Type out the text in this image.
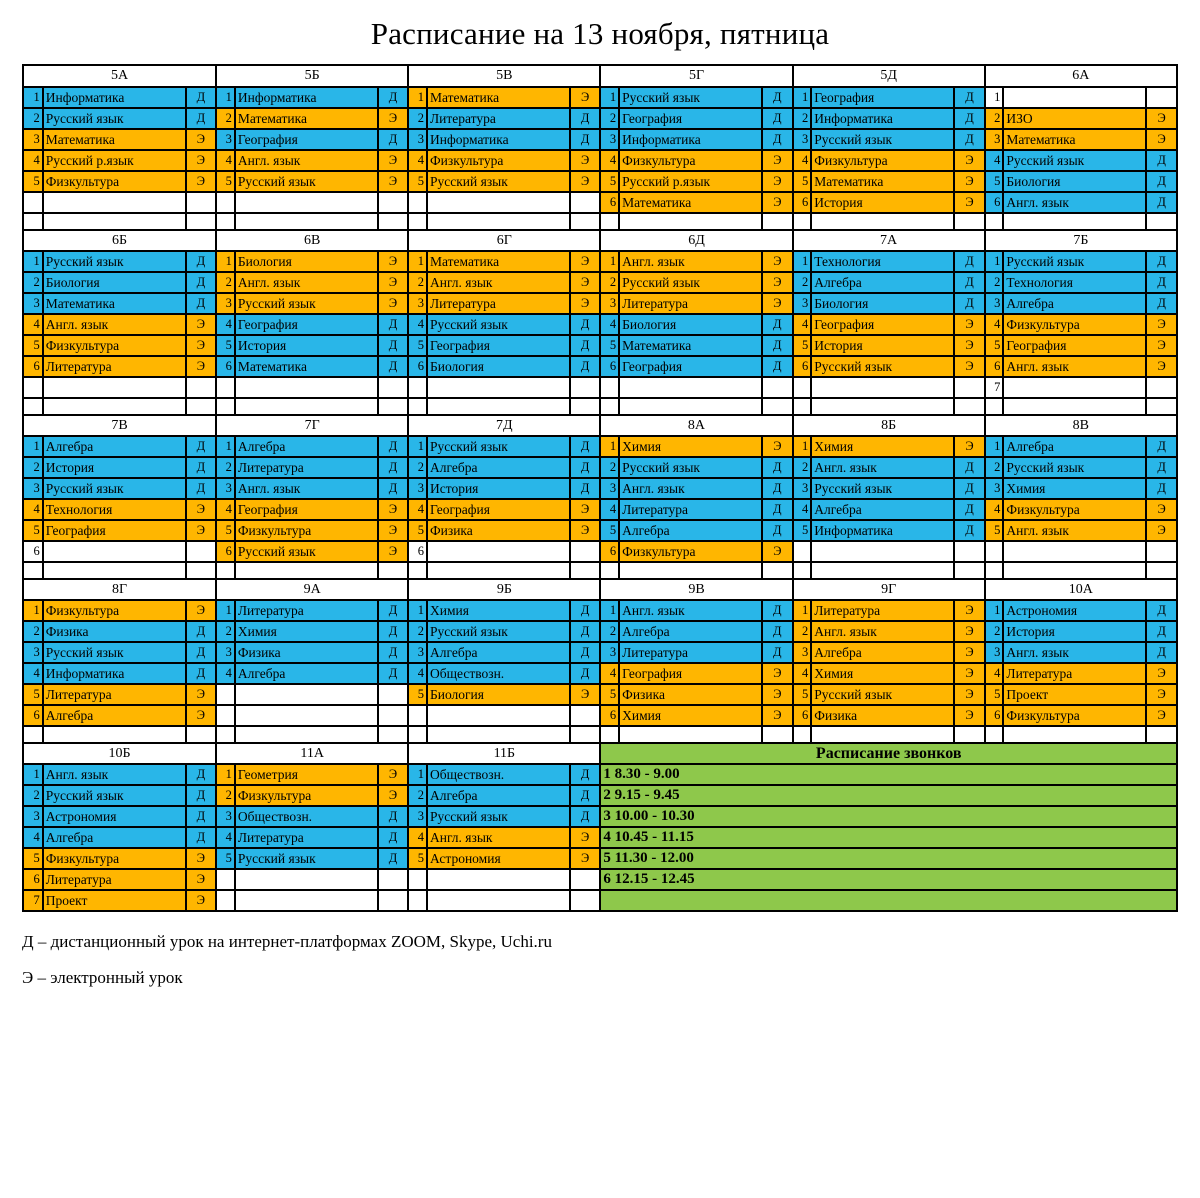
Расписание на 13 ноября, пятница
5А			5Б			5В			5Г			5Д			6А		
1	Информатика	Д	1	Информатика	Д	1	Математика	Э	1	Русский язык	Д	1	География	Д	1		
2	Русский язык	Д	2	Математика	Э	2	Литература	Д	2	География	Д	2	Информатика	Д	2	ИЗО	Э
3	Математика	Э	3	География	Д	3	Информатика	Д	3	Информатика	Д	3	Русский язык	Д	3	Математика	Э
4	Русский р.язык	Э	4	Англ. язык	Э	4	Физкультура	Э	4	Физкультура	Э	4	Физкультура	Э	4	Русский язык	Д
5	Физкультура	Э	5	Русский язык	Э	5	Русский язык	Э	5	Русский р.язык	Э	5	Математика	Э	5	Биология	Д
									6	Математика	Э	6	История	Э	6	Англ. язык	Д

6Б			6В			6Г			6Д			7А			7Б		
1	Русский язык	Д	1	Биология	Э	1	Математика	Э	1	Англ. язык	Э	1	Технология	Д	1	Русский язык	Д
2	Биология	Д	2	Англ. язык	Э	2	Англ. язык	Э	2	Русский язык	Э	2	Алгебра	Д	2	Технология	Д
3	Математика	Д	3	Русский язык	Э	3	Литература	Э	3	Литература	Э	3	Биология	Д	3	Алгебра	Д
4	Англ. язык	Э	4	География	Д	4	Русский язык	Д	4	Биология	Д	4	География	Э	4	Физкультура	Э
5	Физкультура	Э	5	История	Д	5	География	Д	5	Математика	Д	5	История	Э	5	География	Э
6	Литература	Э	6	Математика	Д	6	Биология	Д	6	География	Д	6	Русский язык	Э	6	Англ. язык	Э
															7		

7В			7Г			7Д			8А			8Б			8В		
1	Алгебра	Д	1	Алгебра	Д	1	Русский язык	Д	1	Химия	Э	1	Химия	Э	1	Алгебра	Д
2	История	Д	2	Литература	Д	2	Алгебра	Д	2	Русский язык	Д	2	Англ. язык	Д	2	Русский язык	Д
3	Русский язык	Д	3	Англ. язык	Д	3	История	Д	3	Англ. язык	Д	3	Русский язык	Д	3	Химия	Д
4	Технология	Э	4	География	Э	4	География	Э	4	Литература	Д	4	Алгебра	Д	4	Физкультура	Э
5	География	Э	5	Физкультура	Э	5	Физика	Э	5	Алгебра	Д	5	Информатика	Д	5	Англ. язык	Э
6			6	Русский язык	Э	6			6	Физкультура	Э						

8Г			9А			9Б			9В			9Г			10А		
1	Физкультура	Э	1	Литература	Д	1	Химия	Д	1	Англ. язык	Д	1	Литература	Э	1	Астрономия	Д
2	Физика	Д	2	Химия	Д	2	Русский язык	Д	2	Алгебра	Д	2	Англ. язык	Э	2	История	Д
3	Русский язык	Д	3	Физика	Д	3	Алгебра	Д	3	Литература	Д	3	Алгебра	Э	3	Англ. язык	Д
4	Информатика	Д	4	Алгебра	Д	4	Обществозн.	Д	4	География	Э	4	Химия	Э	4	Литература	Э
5	Литература	Э				5	Биология	Э	5	Физика	Э	5	Русский язык	Э	5	Проект	Э
6	Алгебра	Э							6	Химия	Э	6	Физика	Э	6	Физкультура	Э

10Б			11А			11Б			Расписание звонков								
1	Англ. язык	Д	1	Геометрия	Э	1	Обществозн.	Д	1 8.30 - 9.00								
2	Русский язык	Д	2	Физкультура	Э	2	Алгебра	Д	2 9.15 - 9.45								
3	Астрономия	Д	3	Обществозн.	Д	3	Русский язык	Д	3 10.00 - 10.30								
4	Алгебра	Д	4	Литература	Д	4	Англ. язык	Э	4 10.45 - 11.15								
5	Физкультура	Э	5	Русский язык	Д	5	Астрономия	Э	5 11.30 - 12.00								
6	Литература	Э							6 12.15 - 12.45								
7	Проект	Э															
Д – дистанционный урок на интернет-платформах ZOOM, Skype, Uchi.ru
Э – электронный урок
